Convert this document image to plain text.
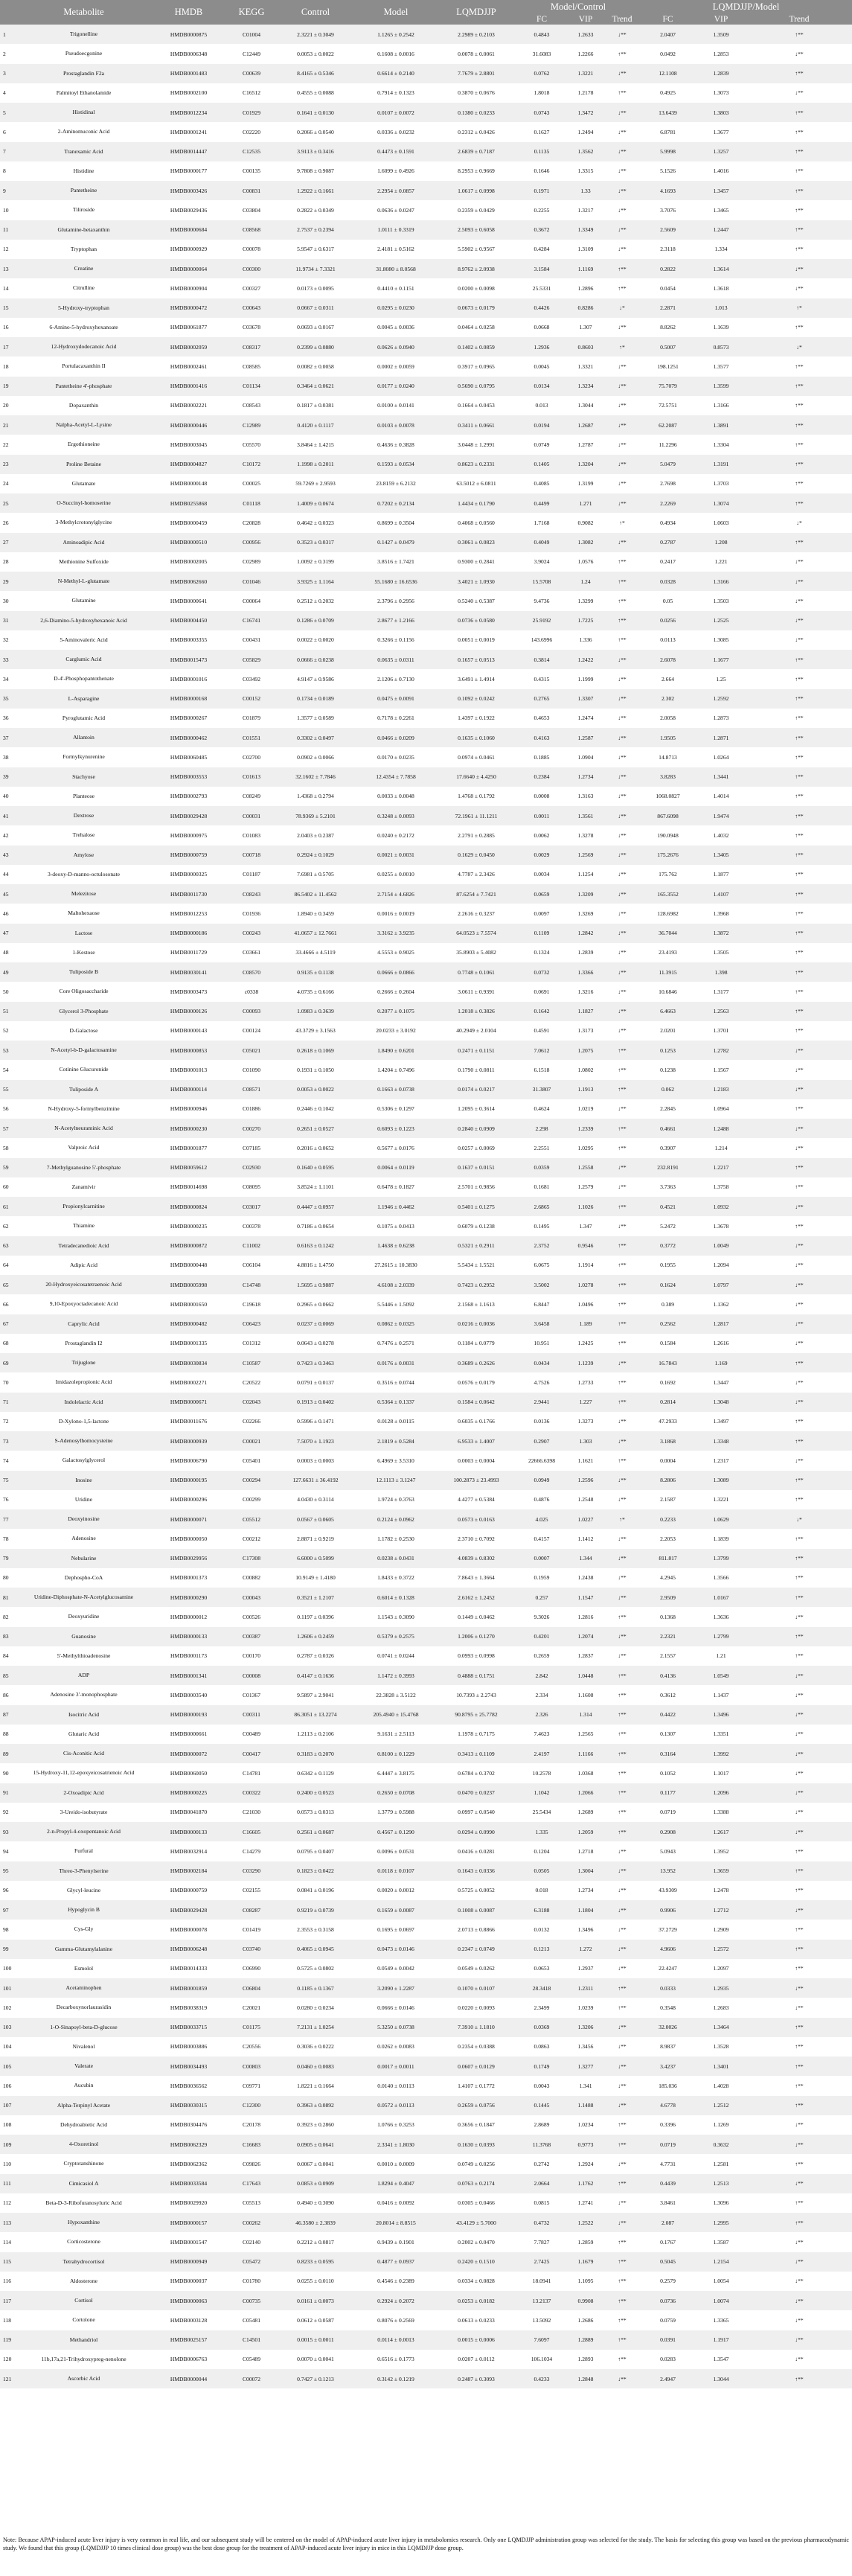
	Metabolite	HMDB	KEGG	Control	Model	LQMDJJP	Model/Control			LQMDJJP/Model		
							FC	VIP	Trend	FC	VIP	Trend
1	Trigonelline	HMDB0000875	C01004	2.3221 ± 0.3049	1.1265 ± 0.2542	2.2989 ± 0.2103	0.4843	1.2633	↓**	2.0407	1.3509	↑**
2	Pseudoecgonine	HMDB0006348	C12449	0.0053 ± 0.0022	0.1608 ± 0.0016	0.0078 ± 0.0061	31.6083	1.2266	↑**	0.0492	1.2853	↓**
3	Prostaglandin F2a	HMDB0001483	C00639	8.4165 ± 0.5346	0.6614 ± 0.2140	7.7679 ± 2.8801	0.0762	1.3221	↓**	12.1108	1.2839	↑**
4	Palmitoyl Ethanolamide	HMDB0002100	C16512	0.4555 ± 0.0088	0.7914 ± 0.1323	0.3870 ± 0.0676	1.8018	1.2178	↑**	0.4925	1.3073	↓**
5	Histidinal	HMDB0012234	C01929	0.1641 ± 0.0130	0.0107 ± 0.0072	0.1380 ± 0.0233	0.0743	1.3472	↓**	13.6439	1.3803	↑**
6	2-Aminomuconic Acid	HMDB0001241	C02220	0.2066 ± 0.0540	0.0336 ± 0.0232	0.2312 ± 0.0426	0.1627	1.2494	↓**	6.8781	1.3677	↑**
7	Tranexamic Acid	HMDB0014447	C12535	3.9113 ± 0.3416	0.4473 ± 0.1591	2.6839 ± 0.7187	0.1135	1.3562	↓**	5.9998	1.3257	↑**
8	Histidine	HMDB0000177	C00135	9.7808 ± 0.9087	1.6099 ± 0.4926	8.2953 ± 0.9669	0.1646	1.3315	↓**	5.1526	1.4016	↑**
9	Pantetheine	HMDB0003426	C00831	1.2922 ± 0.1661	2.2954 ± 0.0857	1.0617 ± 0.0998	0.1971	1.33	↓**	4.1693	1.3457	↑**
10	Tiliroside	HMDB0029436	C03804	0.2822 ± 0.0349	0.0636 ± 0.0247	0.2359 ± 0.0429	0.2255	1.3217	↓**	3.7076	1.3465	↑**
11	Glutamine-betaxanthin	HMDB0000684	C08568	2.7537 ± 0.2394	1.0111 ± 0.3319	2.5093 ± 0.6058	0.3672	1.3349	↓**	2.5609	1.2447	↑**
12	Tryptophan	HMDB0000929	C00078	5.9547 ± 0.6317	2.4181 ± 0.5162	5.5902 ± 0.9567	0.4284	1.3109	↓**	2.3118	1.334	↑**
13	Creatine	HMDB0000064	C00300	11.9734 ± 7.3321	31.8080 ± 8.0568	8.9762 ± 2.0938	3.1584	1.1169	↑**	0.2822	1.3614	↓**
14	Citrulline	HMDB0000904	C00327	0.0173 ± 0.0095	0.4410 ± 0.1151	0.0200 ± 0.0098	25.5331	1.2896	↑**	0.0454	1.3618	↓**
15	5-Hydroxy-tryptophan	HMDB0000472	C00643	0.0667 ± 0.0311	0.0295 ± 0.0230	0.0673 ± 0.0179	0.4426	0.8286	↓*	2.2871	1.013	↑*
16	6-Amino-5-hydroxyhexanoate	HMDB0061877	C03678	0.0693 ± 0.0167	0.0045 ± 0.0036	0.0464 ± 0.0258	0.0668	1.307	↓**	8.8262	1.1639	↑**
17	12-Hydroxydodecanoic Acid	HMDB0002059	C08317	0.2399 ± 0.0880	0.0626 ± 0.0940	0.1402 ± 0.0859	1.2936	0.8603	↑*	0.5007	0.8573	↓*
18	Portulacaxanthin II	HMDB0002461	C08585	0.0082 ± 0.0058	0.0002 ± 0.0059	0.3917 ± 0.0965	0.0045	1.3321	↓**	198.1251	1.3577	↑**
19	Pantetheine 4'-phosphate	HMDB0001416	C01134	0.3464 ± 0.0621	0.0177 ± 0.0240	0.5690 ± 0.0795	0.0134	1.3234	↓**	75.7079	1.3599	↑**
20	Dopaxanthin	HMDB0002221	C08543	0.1817 ± 0.0381	0.0100 ± 0.0141	0.1664 ± 0.0453	0.013	1.3044	↓**	72.5751	1.3166	↑**
21	Nalpha-Acetyl-L-Lysine	HMDB0000446	C12989	0.4120 ± 0.1117	0.0103 ± 0.0078	0.3411 ± 0.0661	0.0194	1.2687	↓**	62.2087	1.3891	↑**
22	Ergothioneine	HMDB0003045	C05570	3.8464 ± 1.4215	0.4636 ± 0.3828	3.0448 ± 1.2991	0.0749	1.2787	↓**	11.2296	1.3304	↑**
23	Proline Betaine	HMDB0004827	C10172	1.1998 ± 0.2011	0.1593 ± 0.0534	0.8623 ± 0.2331	0.1405	1.3204	↓**	5.0479	1.3191	↑**
24	Glutamate	HMDB0000148	C00025	59.7269 ± 2.9593	23.8159 ± 6.2132	63.5012 ± 6.0811	0.4085	1.3199	↓**	2.7698	1.3703	↑**
25	O-Succinyl-homoserine	HMDB0255868	C01118	1.4009 ± 0.0674	0.7202 ± 0.2134	1.4434 ± 0.1790	0.4499	1.271	↓**	2.2269	1.3074	↑**
26	3-Methylcrotonylglycine	HMDB0000459	C20828	0.4642 ± 0.0323	0.8699 ± 0.3504	0.4068 ± 0.0560	1.7168	0.9082	↑*	0.4934	1.0603	↓*
27	Aminoadipic Acid	HMDB0000510	C00956	0.3523 ± 0.0317	0.1427 ± 0.0479	0.3061 ± 0.0823	0.4049	1.3082	↓**	0.2787	1.208	↑**
28	Methionine Sulfoxide	HMDB0002005	C02989	1.0092 ± 0.3199	3.8516 ± 1.7421	0.9300 ± 0.2841	3.9024	1.0576	↑**	0.2417	1.221	↓**
29	N-Methyl-L-glutamate	HMDB0062660	C01046	3.9325 ± 1.1164	55.1680 ± 16.6536	3.4021 ± 1.0930	15.5708	1.24	↑**	0.0328	1.3166	↓**
30	Glutamine	HMDB0000641	C00064	0.2512 ± 0.2032	2.3796 ± 0.2956	0.5240 ± 0.5387	9.4736	1.3299	↑**	0.05	1.3503	↓**
31	2,6-Diamino-5-hydroxyhexanoic Acid	HMDB0004450	C16741	0.1286 ± 0.0709	2.8677 ± 1.2166	0.0736 ± 0.0580	25.9192	1.7225	↑**	0.0256	1.2525	↓**
32	5-Aminovaleric Acid	HMDB0003355	C00431	0.0022 ± 0.0020	0.3266 ± 0.1156	0.0051 ± 0.0019	143.6996	1.336	↑**	0.0113	1.3085	↓**
33	Carglumic Acid	HMDB0015473	C05829	0.0666 ± 0.0238	0.0635 ± 0.0311	0.1657 ± 0.0513	0.3814	1.2422	↓**	2.6078	1.1677	↑**
34	D-4'-Phosphopantothenate	HMDB0001016	C03492	4.9147 ± 0.9586	2.1206 ± 0.7130	3.6491 ± 1.4914	0.4315	1.1999	↓**	2.664	1.25	↑**
35	L-Asparagine	HMDB0000168	C00152	0.1734 ± 0.0189	0.0475 ± 0.0091	0.1092 ± 0.0242	0.2765	1.3307	↓**	2.302	1.2592	↑**
36	Pyroglutamic Acid	HMDB0000267	C01879	1.3577 ± 0.0589	0.7178 ± 0.2261	1.4397 ± 0.1922	0.4653	1.2474	↓**	2.0058	1.2873	↑**
37	Allantoin	HMDB0000462	C01551	0.3302 ± 0.0497	0.0466 ± 0.0209	0.1635 ± 0.1060	0.4163	1.2587	↓**	1.9505	1.2871	↑**
38	Formylkynurenine	HMDB0060485	C02700	0.0902 ± 0.0066	0.0170 ± 0.0235	0.0974 ± 0.0461	0.1885	1.0904	↓**	14.8713	1.0264	↑**
39	Stachyose	HMDB0003553	C01613	32.1602 ± 7.7846	12.4354 ± 7.7858	17.6640 ± 4.4250	0.2384	1.2734	↓**	3.8283	1.3441	↑**
40	Planteose	HMDB0002793	C08249	1.4368 ± 0.2794	0.0033 ± 0.0048	1.4768 ± 0.1792	0.0008	1.3163	↓**	1068.0827	1.4014	↑**
41	Dextrose	HMDB0029428	C00031	78.9369 ± 5.2101	0.3248 ± 0.0093	72.1961 ± 11.1211	0.0011	1.3561	↓**	867.6098	1.9474	↑**
42	Trehalose	HMDB0000975	C01083	2.0403 ± 0.2387	0.0240 ± 0.2172	2.2791 ± 0.2885	0.0062	1.3278	↓**	190.0948	1.4032	↑**
43	Amylose	HMDB0000759	C00718	0.2924 ± 0.1029	0.0021 ± 0.0031	0.1629 ± 0.0450	0.0029	1.2569	↓**	175.2676	1.3405	↑**
44	3-deoxy-D-manno-octulosonate	HMDB0000325	C01187	7.6981 ± 0.5705	0.0255 ± 0.0010	4.7787 ± 2.3426	0.0034	1.1254	↓**	175.762	1.1877	↑**
45	Melezitose	HMDB0011730	C08243	86.5402 ± 11.4562	2.7154 ± 4.6826	87.6254 ± 7.7421	0.0659	1.3209	↓**	165.3552	1.4107	↑**
46	Maltohexaose	HMDB0012253	C01936	1.8940 ± 0.3459	0.0016 ± 0.0019	2.2616 ± 0.3237	0.0097	1.3269	↓**	128.6982	1.3968	↑**
47	Lactose	HMDB0000186	C00243	41.0657 ± 12.7661	3.3162 ± 3.9235	64.0523 ± 7.5574	0.1109	1.2842	↓**	36.7044	1.3872	↑**
48	1-Kestose	HMDB0011729	C03661	33.4666 ± 4.5119	4.5553 ± 0.9025	35.8903 ± 5.4082	0.1324	1.2839	↓**	23.4193	1.3505	↑**
49	Tuliposide B	HMDB0030141	C08570	0.9135 ± 0.1138	0.0666 ± 0.0866	0.7748 ± 0.1061	0.0732	1.3366	↓**	11.3915	1.398	↑**
50	Core Oligosaccharide	HMDB0003473	c0338	4.0735 ± 0.6166	0.2666 ± 0.2604	3.0611 ± 0.9391	0.0691	1.3216	↓**	10.6846	1.3177	↑**
51	Glycerol 3-Phosphate	HMDB0000126	C00093	1.0983 ± 0.3639	0.2077 ± 0.1075	1.2018 ± 0.3826	0.1642	1.1827	↓**	6.4663	1.2563	↑**
52	D-Galactose	HMDB0000143	C00124	43.3729 ± 3.1563	20.0233 ± 3.0192	40.2949 ± 2.0104	0.4591	1.3173	↓**	2.0201	1.3701	↑**
53	N-Acetyl-b-D-galactosamine	HMDB0000853	C05021	0.2618 ± 0.1069	1.8490 ± 0.6201	0.2471 ± 0.1151	7.0612	1.2075	↑**	0.1253	1.2782	↓**
54	Cotinine Glucuronide	HMDB0001013	C01090	0.1931 ± 0.1050	1.4204 ± 0.7496	0.1790 ± 0.0811	6.1518	1.0802	↑**	0.1238	1.1567	↓**
55	Tuliposide A	HMDB0000114	C08571	0.0053 ± 0.0022	0.1663 ± 0.0738	0.0174 ± 0.0217	31.3807	1.1913	↑**	0.062	1.2183	↓**
56	N-Hydroxy-5-formylbenzimine	HMDB0000946	C01886	0.2446 ± 0.1042	0.5306 ± 0.1297	1.2095 ± 0.3614	0.4624	1.0219	↓**	2.2845	1.0964	↑**
57	N-Acetylneuraminic Acid	HMDB0000230	C00270	0.2651 ± 0.0527	0.6093 ± 0.1223	0.2840 ± 0.0909	2.298	1.2339	↑**	0.4661	1.2488	↓**
58	Valproic Acid	HMDB0001877	C07185	0.2016 ± 0.0652	0.5677 ± 0.0176	0.0257 ± 0.0069	2.2551	1.0295	↑**	0.3907	1.214	↓**
59	7-Methylguanosine 5'-phosphate	HMDB0059612	C02930	0.1640 ± 0.0595	0.0064 ± 0.0119	0.1637 ± 0.0151	0.0359	1.2558	↓**	232.8191	1.2217	↑**
60	Zanamivir	HMDB0014698	C08095	3.8524 ± 1.1101	0.6478 ± 0.1827	2.5701 ± 0.9856	0.1681	1.2579	↓**	3.7363	1.3758	↑**
61	Propionylcarnitine	HMDB0000824	C03017	0.4447 ± 0.0957	1.1946 ± 0.4462	0.5401 ± 0.1275	2.6865	1.1026	↑**	0.4521	1.0932	↓**
62	Thiamine	HMDB0000235	C00378	0.7186 ± 0.0654	0.1075 ± 0.0413	0.6079 ± 0.1238	0.1495	1.347	↓**	5.2472	1.3678	↑**
63	Tetradecanedioic Acid	HMDB0000872	C11002	0.6163 ± 0.1242	1.4638 ± 0.6238	0.5321 ± 0.2911	2.3752	0.9546	↑**	0.3772	1.0049	↓**
64	Adipic Acid	HMDB0000448	C06104	4.8816 ± 1.4750	27.2615 ± 10.3830	5.5434 ± 1.5521	6.0675	1.1914	↑**	0.1955	1.2094	↓**
65	20-Hydroxyeicosatetraenoic Acid	HMDB0005998	C14748	1.5695 ± 0.9887	4.6108 ± 2.0339	0.7423 ± 0.2952	3.5002	1.0278	↑**	0.1624	1.0797	↓**
66	9,10-Epoxyoctadecanoic Acid	HMDB0001650	C19618	0.2965 ± 0.0662	5.5446 ± 1.5092	2.1568 ± 1.1613	6.8447	1.0496	↑**	0.389	1.1362	↓**
67	Caprylic Acid	HMDB0000482	C06423	0.0237 ± 0.0069	0.0862 ± 0.0325	0.0216 ± 0.0036	3.6458	1.189	↑**	0.2562	1.2817	↓**
68	Prostaglandin I2	HMDB0001335	C01312	0.0643 ± 0.0278	0.7476 ± 0.2571	0.1184 ± 0.0779	10.951	1.2425	↑**	0.1584	1.2616	↓**
69	Trijuglone	HMDB0030834	C10587	0.7423 ± 0.3463	0.0176 ± 0.0031	0.3689 ± 0.2626	0.0434	1.1239	↓**	16.7843	1.169	↑**
70	Imidazolepropionic Acid	HMDB0002271	C20522	0.0791 ± 0.0137	0.3516 ± 0.0744	0.0576 ± 0.0179	4.7526	1.2733	↑**	0.1692	1.3447	↓**
71	Indolelactic Acid	HMDB0000671	C02043	0.1913 ± 0.0402	0.5364 ± 0.1337	0.1584 ± 0.0642	2.9441	1.227	↑**	0.2814	1.3048	↓**
72	D-Xylono-1,5-lactone	HMDB0011676	C02266	0.5996 ± 0.1471	0.0128 ± 0.0115	0.6035 ± 0.1766	0.0136	1.3273	↓**	47.2933	1.3497	↑**
73	S-Adenosylhomocysteine	HMDB0000939	C00021	7.5070 ± 1.1923	2.1819 ± 0.5284	6.9533 ± 1.4007	0.2907	1.303	↓**	3.1868	1.3348	↑**
74	Galactosylglycerol	HMDB0006790	C05401	0.0003 ± 0.0003	6.4969 ± 3.5310	0.0003 ± 0.0004	22666.6398	1.1621	↑**	0.0004	1.2317	↓**
75	Inosine	HMDB0000195	C00294	127.6631 ± 36.4192	12.1113 ± 3.1247	100.2873 ± 23.4993	0.0949	1.2596	↓**	8.2806	1.3089	↑**
76	Uridine	HMDB0000296	C00299	4.0430 ± 0.3114	1.9724 ± 0.3763	4.4277 ± 0.5384	0.4876	1.2548	↓**	2.1587	1.3221	↑**
77	Deoxyinosine	HMDB0000071	C05512	0.0567 ± 0.0605	0.2124 ± 0.0962	0.0573 ± 0.0163	4.025	1.0227	↑*	0.2233	1.0629	↓*
78	Adenosine	HMDB0000050	C00212	2.8871 ± 0.9219	1.1782 ± 0.2530	2.3710 ± 0.7092	0.4157	1.1412	↓**	2.2053	1.1839	↑**
79	Nebularine	HMDB0029956	C17308	6.6000 ± 0.5099	0.0238 ± 0.0431	4.0839 ± 0.8302	0.0007	1.344	↓**	811.817	1.3799	↑**
80	Dephospho-CoA	HMDB0001373	C00882	10.9149 ± 1.4180	1.8433 ± 0.3722	7.8643 ± 1.3664	0.1959	1.2438	↓**	4.2945	1.3566	↑**
81	Uridine-Diphosphate-N-Acetylglucosamine	HMDB0000290	C00043	0.3521 ± 1.2107	0.6014 ± 0.1328	2.6162 ± 1.2452	0.257	1.1547	↓**	2.9509	1.0167	↑**
82	Deoxyuridine	HMDB0000012	C00526	0.1197 ± 0.0396	1.1543 ± 0.3090	0.1449 ± 0.0462	9.3026	1.2816	↑**	0.1368	1.3636	↓**
83	Guanosine	HMDB0000133	C00387	1.2606 ± 0.2459	0.5379 ± 0.2575	1.2006 ± 0.1270	0.4201	1.2074	↓**	2.2321	1.2799	↑**
84	5'-Methylthioadenosine	HMDB0001173	C00170	0.2787 ± 0.0326	0.0741 ± 0.0244	0.0993 ± 0.0998	0.2659	1.2837	↓**	2.1557	1.21	↑**
85	ADP	HMDB0001341	C00008	0.4147 ± 0.1636	1.1472 ± 0.3993	0.4888 ± 0.1751	2.842	1.0448	↑**	0.4136	1.0549	↓**
86	Adenosine 3'-monophosphate	HMDB0003540	C01367	9.5897 ± 2.9041	22.3828 ± 3.5122	10.7393 ± 2.2743	2.334	1.1608	↑**	0.3612	1.1437	↓**
87	Isocitric Acid	HMDB0000193	C00311	86.3051 ± 13.2274	205.4940 ± 15.4768	90.8795 ± 25.7782	2.326	1.314	↑**	0.4422	1.3496	↓**
88	Glutaric Acid	HMDB0000661	C00489	1.2113 ± 0.2106	9.1631 ± 2.5113	1.1978 ± 0.7175	7.4623	1.2565	↑**	0.1307	1.3351	↓**
89	Cis-Aconitic Acid	HMDB0000072	C00417	0.3183 ± 0.2070	0.8100 ± 0.1229	0.3413 ± 0.1109	2.4197	1.1166	↑**	0.3164	1.3992	↓**
90	15-Hydroxy-11,12-epoxyeicosatrienoic Acid	HMDB0060050	C14781	0.6342 ± 0.1129	6.4447 ± 3.8175	0.6784 ± 0.3702	10.2578	1.0368	↑**	0.1052	1.1017	↓**
91	2-Oxoadipic Acid	HMDB0000225	C00322	0.2400 ± 0.0523	0.2650 ± 0.0708	0.0470 ± 0.0237	1.1042	1.2066	↑**	0.1177	1.2096	↓**
92	3-Ureido-isobutyrate	HMDB0041870	C21030	0.0573 ± 0.0313	1.3779 ± 0.5988	0.0997 ± 0.0540	25.5434	1.2689	↑**	0.0719	1.3388	↓**
93	2-n-Propyl-4-oxopentanoic Acid	HMDB0000133	C16605	0.2561 ± 0.0687	0.4567 ± 0.1290	0.0294 ± 0.0990	1.335	1.2059	↑**	0.2908	1.2617	↓**
94	Furfural	HMDB0032914	C14279	0.0795 ± 0.0407	0.0096 ± 0.0531	0.0416 ± 0.0281	0.1204	1.2718	↓**	5.0943	1.3952	↑**
95	Threo-3-Phenylserine	HMDB0002184	C03290	0.1823 ± 0.0422	0.0118 ± 0.0107	0.1643 ± 0.0336	0.0505	1.3004	↓**	13.952	1.3659	↑**
96	Glycyl-leucine	HMDB0000759	C02155	0.0841 ± 0.0196	0.0020 ± 0.0012	0.5725 ± 0.0052	0.018	1.2734	↓**	43.9309	1.2478	↑**
97	Hypoglycin B	HMDB0029428	C08287	0.9219 ± 0.0739	0.1659 ± 0.0087	0.1008 ± 0.0087	6.3188	1.1804	↓**	0.9906	1.2712	↓**
98	Cys-Gly	HMDB0000078	C01419	2.3553 ± 0.3158	0.1695 ± 0.0697	2.0713 ± 0.8866	0.0132	1.3496	↓**	37.2729	1.2909	↑**
99	Gamma-Glutamylalanine	HMDB0006248	C03740	0.4065 ± 0.0945	0.0473 ± 0.0146	0.2347 ± 0.0749	0.1213	1.272	↓**	4.9606	1.2572	↑**
100	Esmolol	HMDB0014333	C06990	0.5725 ± 0.0802	0.0549 ± 0.0042	0.0549 ± 0.0262	0.0653	1.2937	↓**	22.4247	1.2097	↑**
101	Acetaminophen	HMDB0001859	C06804	0.1185 ± 0.1367	3.2090 ± 1.2287	0.1070 ± 0.0107	28.3418	1.2311	↑**	0.0333	1.2935	↓**
102	Decarboxynorlaurasidin	HMDB0038319	C20021	0.0280 ± 0.0234	0.0666 ± 0.0146	0.0220 ± 0.0093	2.3499	1.0239	↑**	0.3548	1.2683	↓**
103	1-O-Sinapoyl-beta-D-glucose	HMDB0033715	C01175	7.2131 ± 1.0254	5.3250 ± 0.0738	7.3910 ± 1.1810	0.0369	1.3206	↓**	32.0026	1.3464	↑**
104	Nivalenol	HMDB0003886	C20556	0.3036 ± 0.0222	0.0262 ± 0.0083	0.2354 ± 0.0388	0.0863	1.3456	↓**	8.9837	1.3528	↑**
105	Valerate	HMDB0034493	C00803	0.0460 ± 0.0083	0.0017 ± 0.0011	0.0607 ± 0.0129	0.1749	1.3277	↓**	3.4237	1.3401	↑**
106	Aucubin	HMDB0036562	C09771	1.8221 ± 0.1664	0.0140 ± 0.0113	1.4107 ± 0.1772	0.0043	1.341	↓**	185.036	1.4028	↑**
107	Alpha-Terpinyl Acetate	HMDB0030315	C12300	0.3963 ± 0.0892	0.0572 ± 0.0113	0.2659 ± 0.0756	0.1445	1.1488	↓**	4.6778	1.2512	↑**
108	Dehydroabietic Acid	HMDB0304476	C20178	0.3923 ± 0.2860	1.0766 ± 0.3253	0.3656 ± 0.1847	2.8689	1.0234	↑**	0.3396	1.1269	↓**
109	4-Oxoretinol	HMDB0062329	C16683	0.0905 ± 0.0641	2.3341 ± 1.8030	0.1630 ± 0.0393	11.3768	0.9773	↑**	0.0719	0.3632	↓**
110	Cryptotanshinone	HMDB0062362	C09826	0.0067 ± 0.0041	0.0010 ± 0.0009	0.0749 ± 0.0256	0.2742	1.2924	↓**	4.7731	1.2581	↑**
111	Cimicasiol A	HMDB0033584	C17643	0.0853 ± 0.0909	1.8294 ± 0.4047	0.0763 ± 0.2174	2.0664	1.1762	↑**	0.4439	1.2513	↓**
112	Beta-D-3-Ribofuranosyluric Acid	HMDB0029920	C05513	0.4940 ± 0.3090	0.0416 ± 0.0092	0.0305 ± 0.0466	0.0815	1.2741	↓**	3.8461	1.3096	↑**
113	Hypoxanthine	HMDB0000157	C00262	46.3580 ± 2.3839	20.8014 ± 8.8515	43.4129 ± 5.7000	0.4732	1.2522	↓**	2.087	1.2995	↑**
114	Corticosterone	HMDB0001547	C02140	0.2212 ± 0.0817	0.9439 ± 0.1901	0.2002 ± 0.0470	7.7827	1.2859	↑**	0.1767	1.3587	↓**
115	Tetrahydrocortisol	HMDB0000949	C05472	0.8233 ± 0.0595	0.4877 ± 0.0937	0.2420 ± 0.1510	2.7425	1.1679	↑**	0.5045	1.2154	↓**
116	Aldosterone	HMDB0000037	C01780	0.0255 ± 0.0110	0.4546 ± 0.2389	0.0334 ± 0.0828	18.0941	1.1095	↑**	0.2579	1.0054	↓**
117	Cortisol	HMDB0000063	C00735	0.0161 ± 0.0073	0.2924 ± 0.2072	0.0253 ± 0.0182	13.2137	0.9908	↑**	0.0736	1.0074	↓**
118	Cortolone	HMDB0003128	C05481	0.0612 ± 0.0587	0.8076 ± 0.2569	0.0613 ± 0.0233	13.5092	1.2686	↑**	0.0759	1.3365	↓**
119	Methandriol	HMDB0025157	C14501	0.0015 ± 0.0011	0.0114 ± 0.0013	0.0015 ± 0.0006	7.6097	1.2889	↑**	0.0391	1.1917	↓**
120	11b,17a,21-Trihydroxypreg-nenolone	HMDB0006763	C05489	0.0070 ± 0.0041	0.6516 ± 0.1773	0.0207 ± 0.0112	106.1034	1.2893	↑**	0.0283	1.3547	↓**
121	Ascorbic Acid	HMDB0000044	C00072	0.7427 ± 0.1213	0.3142 ± 0.1219	0.2487 ± 0.3093	0.4233	1.2848	↓**	2.4947	1.3044	↑**
Note: Because APAP-induced acute liver injury is very common in real life, and our subsequent study will be centered on the model of APAP-induced acute liver injury in metabolomics research. Only one LQMDJJP administration group was selected for the study. The basis for selecting this group was based on the previous pharmacodynamic study. We found that this group (LQMDJJP 10 times clinical dose group) was the best dose group for the treatment of APAP-induced acute liver injury in mice in this LQMDJJP dose group.
